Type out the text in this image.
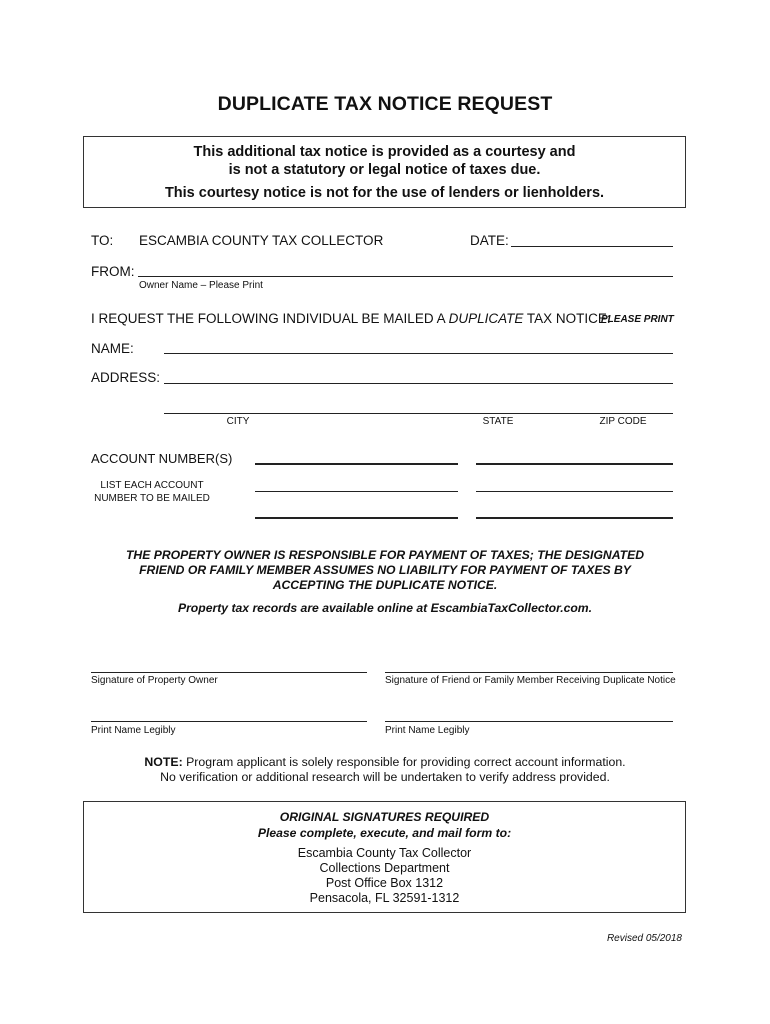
DUPLICATE TAX NOTICE REQUEST
This additional tax notice is provided as a courtesy and
is not a statutory or legal notice of taxes due.
This courtesy notice is not for the use of lenders or lienholders.
TO: ESCAMBIA COUNTY TAX COLLECTOR	DATE:
FROM:
Owner Name – Please Print
I REQUEST THE FOLLOWING INDIVIDUAL BE MAILED A DUPLICATE TAX NOTICE:
PLEASE PRINT
NAME:
ADDRESS:
CITY	STATE	ZIP CODE
ACCOUNT NUMBER(S)
LIST EACH ACCOUNT
NUMBER TO BE MAILED
THE PROPERTY OWNER IS RESPONSIBLE FOR PAYMENT OF TAXES; THE DESIGNATED
FRIEND OR FAMILY MEMBER ASSUMES NO LIABILITY FOR PAYMENT OF TAXES BY
ACCEPTING THE DUPLICATE NOTICE.
Property tax records are available online at EscambiaTaxCollector.com.
Signature of Property Owner	Signature of Friend or Family Member Receiving Duplicate Notice
Print Name Legibly	Print Name Legibly
NOTE: Program applicant is solely responsible for providing correct account information.
No verification or additional research will be undertaken to verify address provided.
ORIGINAL SIGNATURES REQUIRED
Please complete, execute, and mail form to:
Escambia County Tax Collector
Collections Department
Post Office Box 1312
Pensacola, FL 32591-1312
Revised 05/2018
